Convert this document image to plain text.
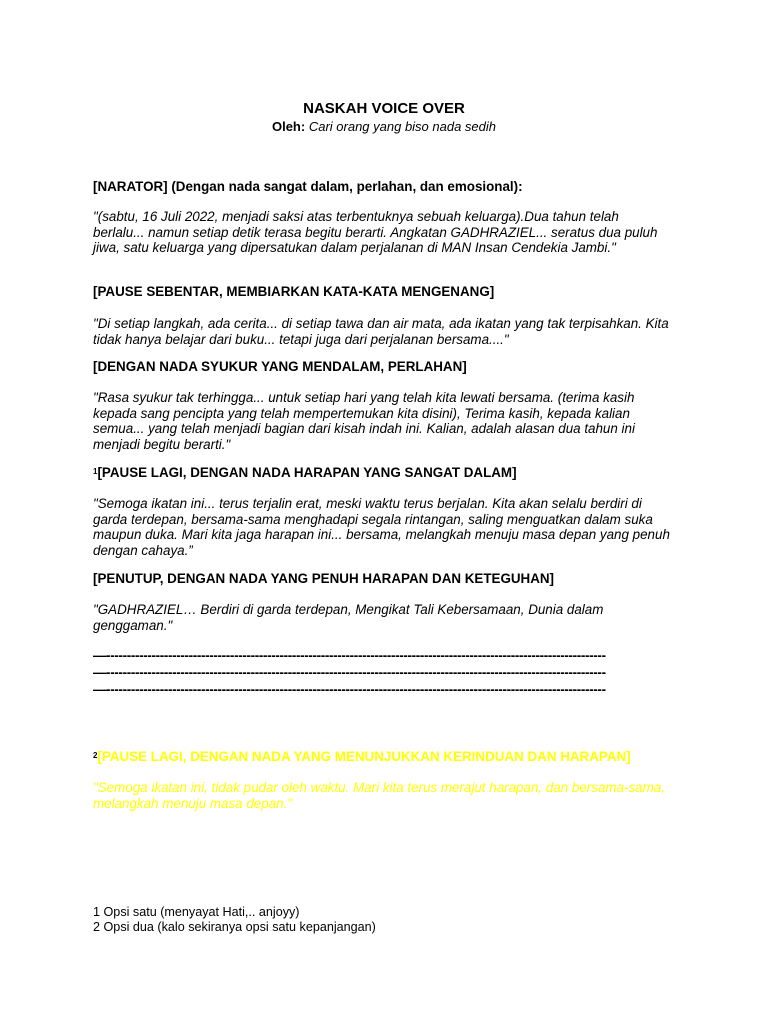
NASKAH VOICE OVER
Oleh: Cari orang yang biso nada sedih
[NARATOR] (Dengan nada sangat dalam, perlahan, dan emosional):
"(sabtu, 16 Juli 2022, menjadi saksi atas terbentuknya sebuah keluarga).Dua tahun telah berlalu... namun setiap detik terasa begitu berarti. Angkatan GADHRAZIEL... seratus dua puluh jiwa, satu keluarga yang dipersatukan dalam perjalanan di MAN Insan Cendekia Jambi."
[PAUSE SEBENTAR, MEMBIARKAN KATA-KATA MENGENANG]
"Di setiap langkah, ada cerita... di setiap tawa dan air mata, ada ikatan yang tak terpisahkan. Kita tidak hanya belajar dari buku... tetapi juga dari perjalanan bersama...."
[DENGAN NADA SYUKUR YANG MENDALAM, PERLAHAN]
"Rasa syukur tak terhingga... untuk setiap hari yang telah kita lewati bersama. (terima kasih kepada sang pencipta yang telah mempertemukan kita disini), Terima kasih, kepada kalian semua... yang telah menjadi bagian dari kisah indah ini. Kalian, adalah alasan dua tahun ini menjadi begitu berarti."
$^1$[PAUSE LAGI, DENGAN NADA HARAPAN YANG SANGAT DALAM]
"Semoga ikatan ini... terus terjalin erat, meski waktu terus berjalan. Kita akan selalu berdiri di garda terdepan, bersama-sama menghadapi segala rintangan, saling menguatkan dalam suka maupun duka. Mari kita jaga harapan ini... bersama, melangkah menuju masa depan yang penuh dengan cahaya.”
[PENUTUP, DENGAN NADA YANG PENUH HARAPAN DAN KETEGUHAN]
"GADHRAZIEL… Berdiri di garda terdepan, Mengikat Tali Kebersamaan, Dunia dalam genggaman."
—-------------------------------------------------------------------------------------------------------------------------
—-------------------------------------------------------------------------------------------------------------------------
—-------------------------------------------------------------------------------------------------------------------------
$^2$[PAUSE LAGI, DENGAN NADA YANG MENUNJUKKAN KERINDUAN DAN HARAPAN]
"Semoga ikatan ini, tidak pudar oleh waktu. Mari kita terus merajut harapan, dan bersama-sama, melangkah menuju masa depan."
1 Opsi satu (menyayat Hati,.. anjoyy)
2 Opsi dua (kalo sekiranya opsi satu kepanjangan)
